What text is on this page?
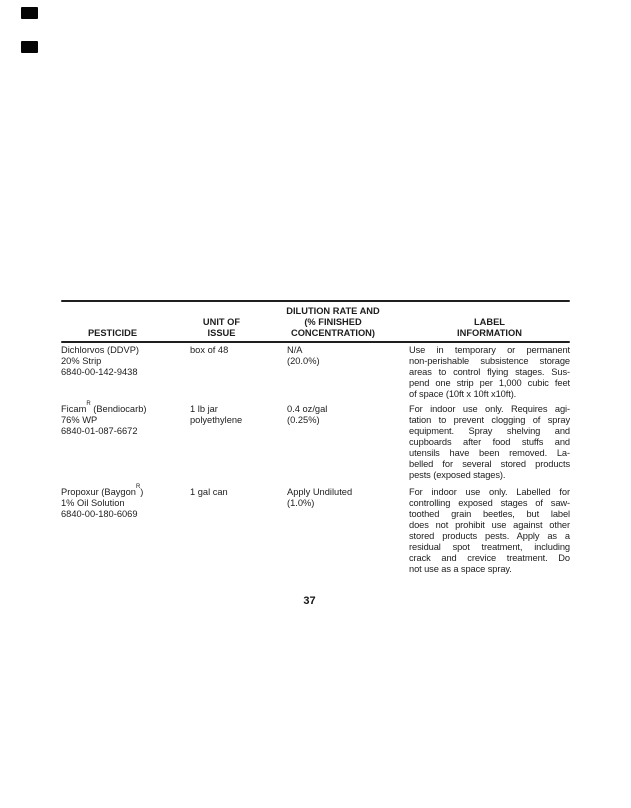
PESTICIDE
UNIT OF
ISSUE
DILUTION RATE AND
(% FINISHED
CONCENTRATION)
LABEL
INFORMATION
Dichlorvos (DDVP)
20% Strip
6840-00-142-9438
box of 48	N/A
(20.0%)
Use in temporary or permanent
non-perishable subsistence storage
areas to control flying stages. Sus-
pend one strip per 1,000 cubic feet
of space (10ft x 10ft x10ft).
Ficam$^R$ (Bendiocarb)
76% WP
6840-01-087-6672
1 lb jar
polyethylene
0.4 oz/gal
(0.25%)
For indoor use only. Requires agi-
tation to prevent clogging of spray
equipment. Spray shelving and
cupboards after food stuffs and
utensils have been removed. La-
belled for several stored products
pests (exposed stages).
Propoxur (Baygon$^R$)
1% Oil Solution
6840-00-180-6069
1 gal can	Apply Undiluted
(1.0%)
For indoor use only. Labelled for
controlling exposed stages of saw-
toothed grain beetles, but label
does not prohibit use against other
stored products pests. Apply as a
residual spot treatment, including
crack and crevice treatment. Do
not use as a space spray.
37
